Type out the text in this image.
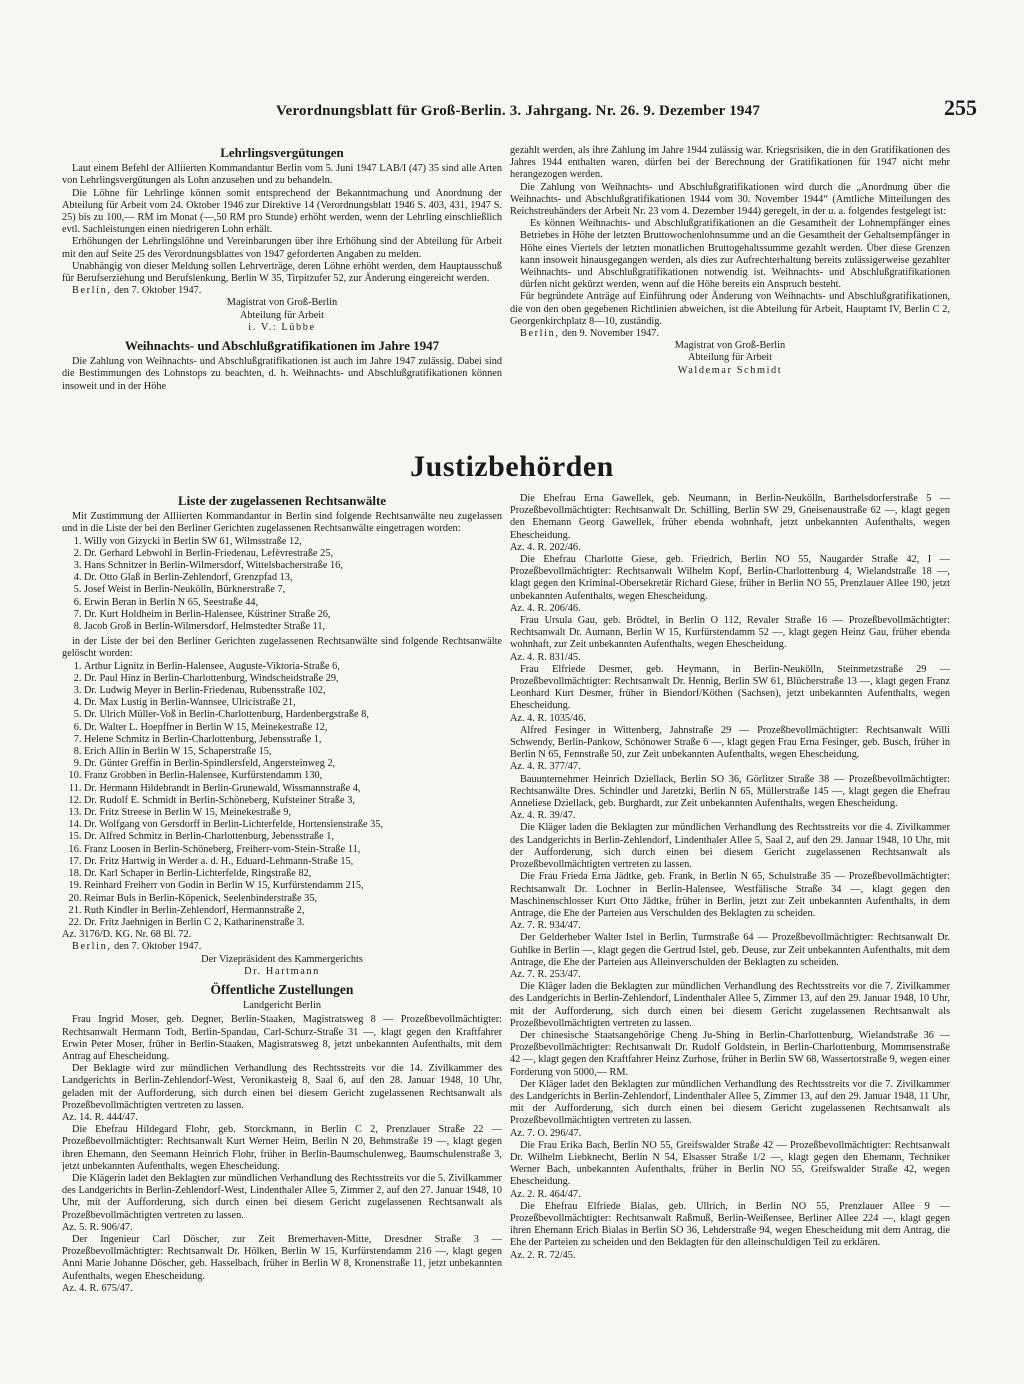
Verordnungsblatt für Groß-Berlin. 3. Jahrgang. Nr. 26. 9. Dezember 1947	255

Lehrlingsvergütungen

Laut einem Befehl der Alliierten Kommandantur Berlin vom 5. Juni 1947 LAB/I (47) 35 sind alle Arten von Lehrlingsvergütungen als Lohn anzusehen und zu behandeln.

Die Löhne für Lehrlinge können somit entsprechend der Bekanntmachung und Anordnung der Abteilung für Arbeit vom 24. Oktober 1946 zur Direktive 14 (Verordnungsblatt 1946 S. 403, 431, 1947 S. 25) bis zu 100,— RM im Monat (—,50 RM pro Stunde) erhöht werden, wenn der Lehrling einschließlich evtl. Sachleistungen einen niedrigeren Lohn erhält.

Erhöhungen der Lehrlingslöhne und Vereinbarungen über ihre Erhöhung sind der Abteilung für Arbeit mit den auf Seite 25 des Verordnungsblattes von 1947 geforderten Angaben zu melden.

Unabhängig von dieser Meldung sollen Lehrverträge, deren Löhne erhöht werden, dem Hauptausschuß für Berufserziehung und Berufslenkung, Berlin W 35, Tirpitzufer 52, zur Änderung eingereicht werden.

Berlin, den 7. Oktober 1947.

Magistrat von Groß-Berlin

Abteilung für Arbeit

i. V.: Lübbe

Weihnachts- und Abschlußgratifikationen im Jahre 1947

Die Zahlung von Weihnachts- und Abschlußgratifikationen ist auch im Jahre 1947 zulässig. Dabei sind die Bestimmungen des Lohnstops zu beachten, d. h. Weihnachts- und Abschlußgratifikationen können insoweit und in der Höhe

gezahlt werden, als ihre Zahlung im Jahre 1944 zulässig war. Kriegsrisiken, die in den Gratifikationen des Jahres 1944 enthalten waren, dürfen bei der Berechnung der Gratifikationen für 1947 nicht mehr herangezogen werden.

Die Zahlung von Weihnachts- und Abschlußgratifikationen wird durch die „Anordnung über die Weihnachts- und Abschlußgratifikationen 1944 vom 30. November 1944“ (Amtliche Mitteilungen des Reichstreuhänders der Arbeit Nr. 23 vom 4. Dezember 1944) geregelt, in der u. a. folgendes festgelegt ist:

Es können Weihnachts- und Abschlußgratifikationen an die Gesamtheit der Lohnempfänger eines Betriebes in Höhe der letzten Bruttowochenlohnsumme und an die Gesamtheit der Gehaltsempfänger in Höhe eines Viertels der letzten monatlichen Bruttogehaltssumme gezahlt werden. Über diese Grenzen kann insoweit hinausgegangen werden, als dies zur Aufrechterhaltung bereits zulässigerweise gezahlter Weihnachts- und Abschlußgratifikationen notwendig ist. Weihnachts- und Abschlußgratifikationen dürfen nicht gekürzt werden, wenn auf die Höhe bereits ein Anspruch besteht.

Für begründete Anträge auf Einführung oder Änderung von Weihnachts- und Abschlußgratifikationen, die von den oben gegebenen Richtlinien abweichen, ist die Abteilung für Arbeit, Hauptamt IV, Berlin C 2, Georgenkirchplatz 8—10, zuständig.

Berlin, den 9. November 1947.

Magistrat von Groß-Berlin

Abteilung für Arbeit

Waldemar Schmidt

Justizbehörden

Liste der zugelassenen Rechtsanwälte

Mit Zustimmung der Alliierten Kommandantur in Berlin sind folgende Rechtsanwälte neu zugelassen und in die Liste der bei den Berliner Gerichten zugelassenen Rechtsanwälte eingetragen worden:

1. Willy von Gizycki in Berlin SW 61, Wilmsstraße 12,
2. Dr. Gerhard Lebwohl in Berlin-Friedenau, Lefèvrestraße 25,
3. Hans Schnitzer in Berlin-Wilmersdorf, Wittelsbacherstraße 16,
4. Dr. Otto Glaß in Berlin-Zehlendorf, Grenzpfad 13,
5. Josef Weist in Berlin-Neukölln, Bürknerstraße 7,
6. Erwin Beran in Berlin N 65, Seestraße 44,
7. Dr. Kurt Holdheim in Berlin-Halensee, Küstriner Straße 26,
8. Jacob Groß in Berlin-Wilmersdorf, Helmstedter Straße 11,

in der Liste der bei den Berliner Gerichten zugelassenen Rechtsanwälte sind folgende Rechtsanwälte gelöscht worden:

1. Arthur Lignitz in Berlin-Halensee, Auguste-Viktoria-Straße 6,
2. Dr. Paul Hinz in Berlin-Charlottenburg, Windscheidstraße 29,
3. Dr. Ludwig Meyer in Berlin-Friedenau, Rubensstraße 102,
4. Dr. Max Lustig in Berlin-Wannsee, Ulricistraße 21,
5. Dr. Ulrich Müller-Voß in Berlin-Charlottenburg, Hardenbergstraße 8,
6. Dr. Walter L. Hoepffner in Berlin W 15, Meinekestraße 12,
7. Helene Schmitz in Berlin-Charlottenburg, Jebensstraße 1,
8. Erich Allin in Berlin W 15, Schaperstraße 15,
9. Dr. Günter Greffin in Berlin-Spindlersfeld, Angersteinweg 2,
10. Franz Grobben in Berlin-Halensee, Kurfürstendamm 130,
11. Dr. Hermann Hildebrandt in Berlin-Grunewald, Wissmannstraße 4,
12. Dr. Rudolf E. Schmidt in Berlin-Schöneberg, Kufsteiner Straße 3,
13. Dr. Fritz Streese in Berlin W 15, Meinekestraße 9,
14. Dr. Wolfgang von Gersdorff in Berlin-Lichterfelde, Hortensienstraße 35,
15. Dr. Alfred Schmitz in Berlin-Charlottenburg, Jebensstraße 1,
16. Franz Loosen in Berlin-Schöneberg, Freiherr-vom-Stein-Straße 11,
17. Dr. Fritz Hartwig in Werder a. d. H., Eduard-Lehmann-Straße 15,
18. Dr. Karl Schaper in Berlin-Lichterfelde, Ringstraße 82,
19. Reinhard Freiherr von Godin in Berlin W 15, Kurfürstendamm 215,
20. Reimar Buls in Berlin-Köpenick, Seelenbinderstraße 35,
21. Ruth Kindler in Berlin-Zehlendorf, Hermannstraße 2,
22. Dr. Fritz Jaehnigen in Berlin C 2, Katharinenstraße 3.

Az. 3176/D. KG. Nr. 68 Bl. 72.

Berlin, den 7. Oktober 1947.

Der Vizepräsident des Kammergerichts

Dr. Hartmann

Öffentliche Zustellungen

Landgericht Berlin

Frau Ingrid Moser, geb. Degner, Berlin-Staaken, Magistratsweg 8 — Prozeßbevollmächtigter: Rechtsanwalt Hermann Todt, Berlin-Spandau, Carl-Schurz-Straße 31 —, klagt gegen den Kraftfahrer Erwin Peter Moser, früher in Berlin-Staaken, Magistratsweg 8, jetzt unbekannten Aufenthalts, mit dem Antrag auf Ehescheidung.

Der Beklagte wird zur mündlichen Verhandlung des Rechtsstreits vor die 14. Zivilkammer des Landgerichts in Berlin-Zehlendorf-West, Veronikasteig 8, Saal 6, auf den 28. Januar 1948, 10 Uhr, geladen mit der Aufforderung, sich durch einen bei diesem Gericht zugelassenen Rechtsanwalt als Prozeßbevollmächtigten vertreten zu lassen.

Az. 14. R. 444/47.

Die Ehefrau Hildegard Flohr, geb. Storckmann, in Berlin C 2, Prenzlauer Straße 22 — Prozeßbevollmächtigter: Rechtsanwalt Kurt Werner Heim, Berlin N 20, Behmstraße 19 —, klagt gegen ihren Ehemann, den Seemann Heinrich Flohr, früher in Berlin-Baumschulenweg, Baumschulenstraße 3, jetzt unbekannten Aufenthalts, wegen Ehescheidung.

Die Klägerin ladet den Beklagten zur mündlichen Verhandlung des Rechtsstreits vor die 5. Zivilkammer des Landgerichts in Berlin-Zehlendorf-West, Lindenthaler Allee 5, Zimmer 2, auf den 27. Januar 1948, 10 Uhr, mit der Aufforderung, sich durch einen bei diesem Gericht zugelassenen Rechtsanwalt als Prozeßbevollmächtigten vertreten zu lassen.

Az. 5. R. 906/47.

Der Ingenieur Carl Döscher, zur Zeit Bremerhaven-Mitte, Dresdner Straße 3 — Prozeßbevollmächtigter: Rechtsanwalt Dr. Hölken, Berlin W 15, Kurfürstendamm 216 —, klagt gegen Anni Marie Johanne Döscher, geb. Hasselbach, früher in Berlin W 8, Kronenstraße 11, jetzt unbekannten Aufenthalts, wegen Ehescheidung.

Az. 4. R. 675/47.

Die Ehefrau Erna Gawellek, geb. Neumann, in Berlin-Neukölln, Barthelsdorferstraße 5 — Prozeßbevollmächtigter: Rechtsanwalt Dr. Schilling, Berlin SW 29, Gneisenaustraße 62 —, klagt gegen den Ehemann Georg Gawellek, früher ebenda wohnhaft, jetzt unbekannten Aufenthalts, wegen Ehescheidung.

Az. 4. R. 202/46.

Die Ehefrau Charlotte Giese, geb. Friedrich, Berlin NO 55, Naugarder Straße 42, I — Prozeßbevollmächtigter: Rechtsanwalt Wilhelm Kopf, Berlin-Charlottenburg 4, Wielandstraße 18 —, klagt gegen den Kriminal-Obersekretär Richard Giese, früher in Berlin NO 55, Prenzlauer Allee 190, jetzt unbekannten Aufenthalts, wegen Ehescheidung.

Az. 4. R. 206/46.

Frau Ursula Gau, geb. Brödtel, in Berlin O 112, Revaler Straße 16 — Prozeßbevollmächtigter: Rechtsanwalt Dr. Aumann, Berlin W 15, Kurfürstendamm 52 —, klagt gegen Heinz Gau, früher ebenda wohnhaft, zur Zeit unbekannten Aufenthalts, wegen Ehescheidung.

Az. 4. R. 831/45.

Frau Elfriede Desmer, geb. Heymann, in Berlin-Neukölln, Steinmetzstraße 29 — Prozeßbevollmächtigter: Rechtsanwalt Dr. Hennig, Berlin SW 61, Blücherstraße 13 —, klagt gegen Franz Leonhard Kurt Desmer, früher in Biendorf/Köthen (Sachsen), jetzt unbekannten Aufenthalts, wegen Ehescheidung.

Az. 4. R. 1035/46.

Alfred Fesinger in Wittenberg, Jahnstraße 29 — Prozeßbevollmächtigter: Rechtsanwalt Willi Schwendy, Berlin-Pankow, Schönower Straße 6 —, klagt gegen Frau Erna Fesinger, geb. Busch, früher in Berlin N 65, Fennstraße 50, zur Zeit unbekannten Aufenthalts, wegen Ehescheidung.

Az. 4. R. 377/47.

Bauunternehmer Heinrich Dziellack, Berlin SO 36, Görlitzer Straße 38 — Prozeßbevollmächtigter: Rechtsanwälte Dres. Schindler und Jaretzki, Berlin N 65, Müllerstraße 145 —, klagt gegen die Ehefrau Anneliese Dziellack, geb. Burghardt, zur Zeit unbekannten Aufenthalts, wegen Ehescheidung.

Az. 4. R. 39/47.

Die Kläger laden die Beklagten zur mündlichen Verhandlung des Rechtsstreits vor die 4. Zivilkammer des Landgerichts in Berlin-Zehlendorf, Lindenthaler Allee 5, Saal 2, auf den 29. Januar 1948, 10 Uhr, mit der Aufforderung, sich durch einen bei diesem Gericht zugelassenen Rechtsanwalt als Prozeßbevollmächtigten vertreten zu lassen.

Die Frau Frieda Erna Jädtke, geb. Frank, in Berlin N 65, Schulstraße 35 — Prozeßbevollmächtigter: Rechtsanwalt Dr. Lochner in Berlin-Halensee, Westfälische Straße 34 —, klagt gegen den Maschinenschlosser Kurt Otto Jädtke, früher in Berlin, jetzt zur Zeit unbekannten Aufenthalts, in dem Antrage, die Ehe der Parteien aus Verschulden des Beklagten zu scheiden.

Az. 7. R. 934/47.

Der Gelderheber Walter Istel in Berlin, Turmstraße 64 — Prozeßbevollmächtigter: Rechtsanwalt Dr. Guhlke in Berlin —, klagt gegen die Gertrud Istel, geb. Deuse, zur Zeit unbekannten Aufenthalts, mit dem Antrage, die Ehe der Parteien aus Alleinverschulden der Beklagten zu scheiden.

Az. 7. R. 253/47.

Die Kläger laden die Beklagten zur mündlichen Verhandlung des Rechtsstreits vor die 7. Zivilkammer des Landgerichts in Berlin-Zehlendorf, Lindenthaler Allee 5, Zimmer 13, auf den 29. Januar 1948, 10 Uhr, mit der Aufforderung, sich durch einen bei diesem Gericht zugelassenen Rechtsanwalt als Prozeßbevollmächtigten vertreten zu lassen.

Der chinesische Staatsangehörige Cheng Ju-Shing in Berlin-Charlottenburg, Wielandstraße 36 — Prozeßbevollmächtigter: Rechtsanwalt Dr. Rudolf Goldstein, in Berlin-Charlottenburg, Mommsenstraße 42 —, klagt gegen den Kraftfahrer Heinz Zurhose, früher in Berlin SW 68, Wassertorstraße 9, wegen einer Forderung von 5000,— RM.

Der Kläger ladet den Beklagten zur mündlichen Verhandlung des Rechtsstreits vor die 7. Zivilkammer des Landgerichts in Berlin-Zehlendorf, Lindenthaler Allee 5, Zimmer 13, auf den 29. Januar 1948, 11 Uhr, mit der Aufforderung, sich durch einen bei diesem Gericht zugelassenen Rechtsanwalt als Prozeßbevollmächtigten vertreten zu lassen.

Az. 7. O. 296/47.

Die Frau Erika Bach, Berlin NO 55, Greifswalder Straße 42 — Prozeßbevollmächtigter: Rechtsanwalt Dr. Wilhelm Liebknecht, Berlin N 54, Elsasser Straße 1/2 —, klagt gegen den Ehemann, Techniker Werner Bach, unbekannten Aufenthalts, früher in Berlin NO 55, Greifswalder Straße 42, wegen Ehescheidung.

Az. 2. R. 464/47.

Die Ehefrau Elfriede Bialas, geb. Ullrich, in Berlin NO 55, Prenzlauer Allee 9 — Prozeßbevollmächtigter: Rechtsanwalt Raßmuß, Berlin-Weißensee, Berliner Allee 224 —, klagt gegen ihren Ehemann Erich Bialas in Berlin SO 36, Lehderstraße 94, wegen Ehescheidung mit dem Antrag, die Ehe der Parteien zu scheiden und den Beklagten für den alleinschuldigen Teil zu erklären.

Az. 2. R. 72/45.
